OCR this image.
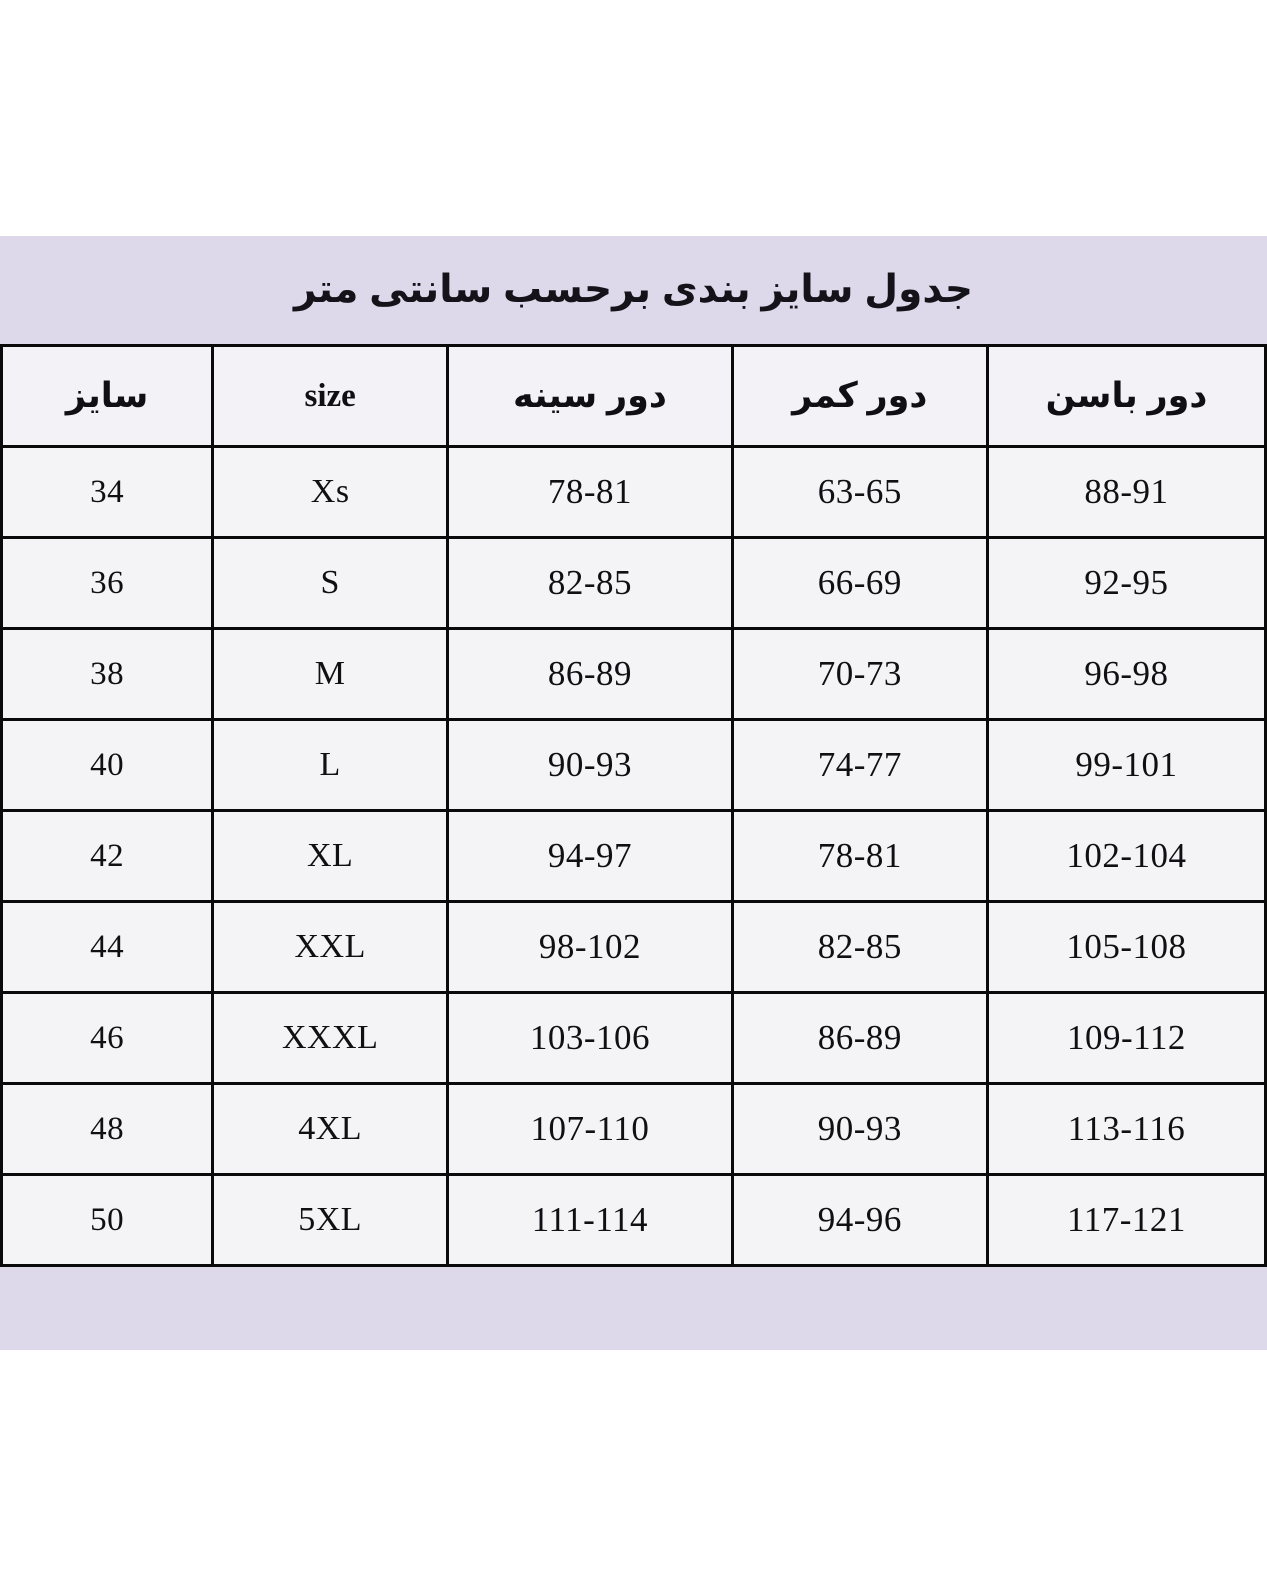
جدول سایز بندی برحسب سانتی متر
دور باسن	دور کمر	دور سینه	size	سایز
88-91	63-65	78-81	Xs	34
92-95	66-69	82-85	S	36
96-98	70-73	86-89	M	38
99-101	74-77	90-93	L	40
102-104	78-81	94-97	XL	42
105-108	82-85	98-102	XXL	44
109-112	86-89	103-106	XXXL	46
113-116	90-93	107-110	4XL	48
117-121	94-96	111-114	5XL	50
